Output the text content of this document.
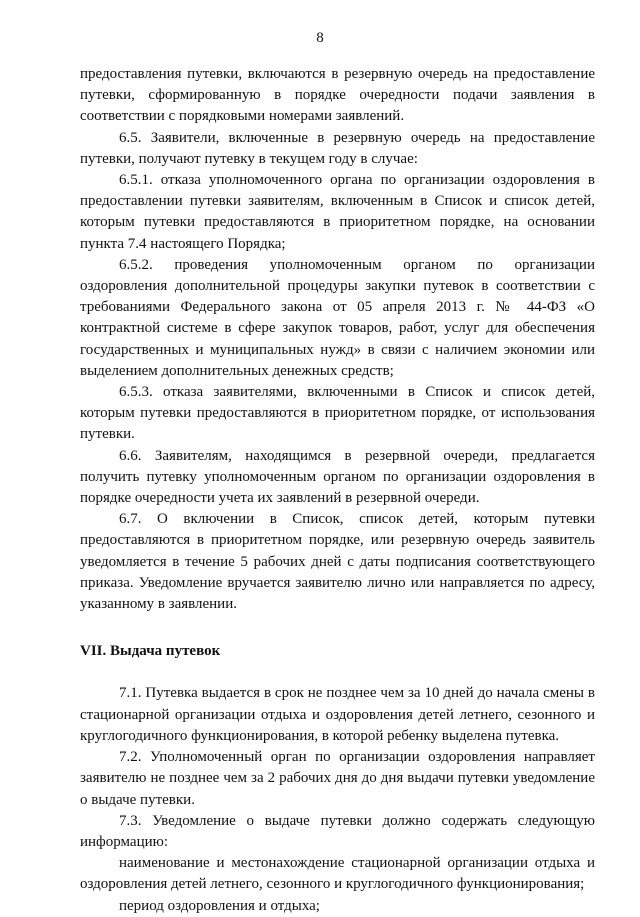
8

предоставления путевки, включаются в резервную очередь на предоставление путевки, сформированную в порядке очередности подачи заявления в соответствии с порядковыми номерами заявлений.

6.5. Заявители, включенные в резервную очередь на предоставление путевки, получают путевку в текущем году в случае:

6.5.1. отказа уполномоченного органа по организации оздоровления в предоставлении путевки заявителям, включенным в Список и список детей, которым путевки предоставляются в приоритетном порядке, на основании пункта 7.4 настоящего Порядка;

6.5.2. проведения уполномоченным органом по организации оздоровления дополнительной процедуры закупки путевок в соответствии с требованиями Федерального закона от 05 апреля 2013 г. № 44-ФЗ «О контрактной системе в сфере закупок товаров, работ, услуг для обеспечения государственных и муниципальных нужд» в связи с наличием экономии или выделением дополнительных денежных средств;

6.5.3. отказа заявителями, включенными в Список и список детей, которым путевки предоставляются в приоритетном порядке, от использования путевки.

6.6. Заявителям, находящимся в резервной очереди, предлагается получить путевку уполномоченным органом по организации оздоровления в порядке очередности учета их заявлений в резервной очереди.

6.7. О включении в Список, список детей, которым путевки предоставляются в приоритетном порядке, или резервную очередь заявитель уведомляется в течение 5 рабочих дней с даты подписания соответствующего приказа. Уведомление вручается заявителю лично или направляется по адресу, указанному в заявлении.

VII. Выдача путевок

7.1. Путевка выдается в срок не позднее чем за 10 дней до начала смены в стационарной организации отдыха и оздоровления детей летнего, сезонного и круглогодичного функционирования, в которой ребенку выделена путевка.

7.2. Уполномоченный орган по организации оздоровления направляет заявителю не позднее чем за 2 рабочих дня до дня выдачи путевки уведомление о выдаче путевки.

7.3. Уведомление о выдаче путевки должно содержать следующую информацию:

наименование и местонахождение стационарной организации отдыха и оздоровления детей летнего, сезонного и круглогодичного функционирования;

период оздоровления и отдыха;
